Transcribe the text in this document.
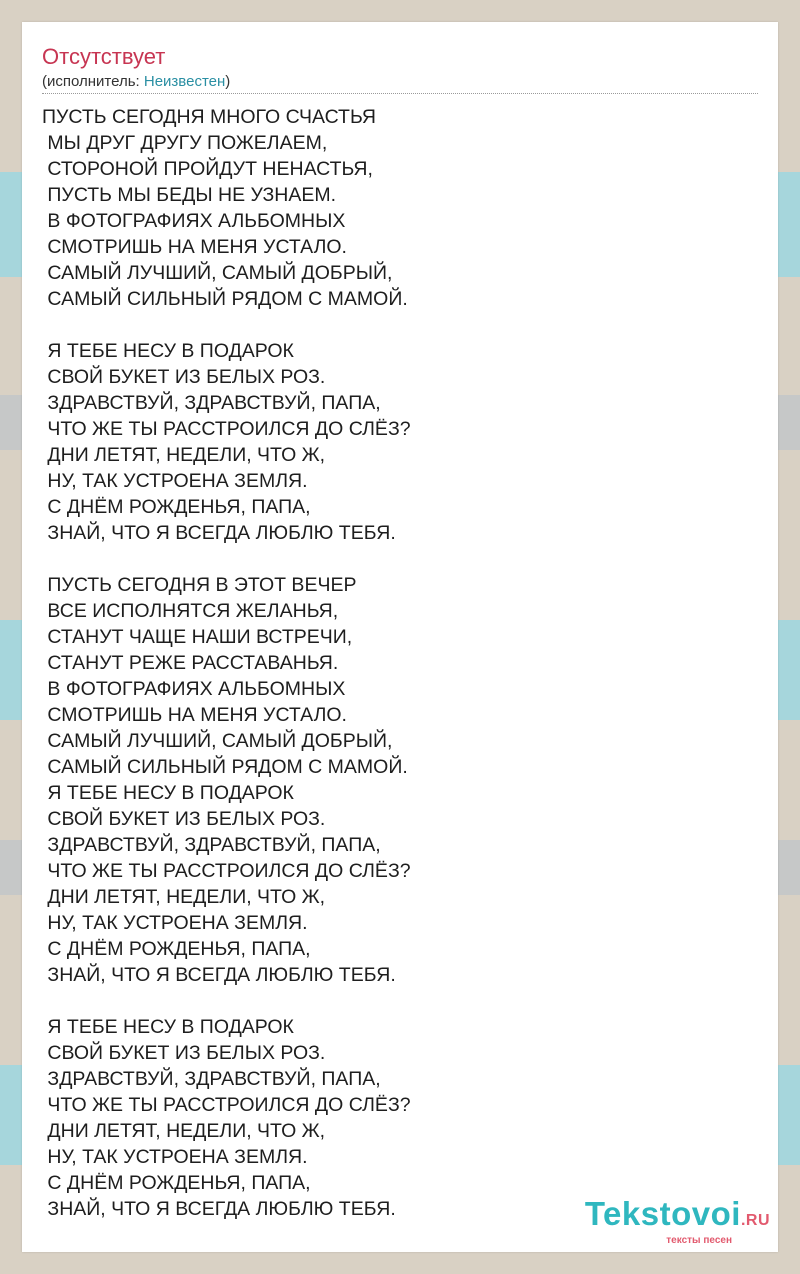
Отсутствует
(исполнитель: Неизвестен)
ПУСТЬ СЕГОДНЯ МНОГО СЧАСТЬЯ
МЫ ДРУГ ДРУГУ ПОЖЕЛАЕМ,
СТОРОНОЙ ПРОЙДУТ НЕНАСТЬЯ,
ПУСТЬ МЫ БЕДЫ НЕ УЗНАЕМ.
В ФОТОГРАФИЯХ АЛЬБОМНЫХ
СМОТРИШЬ НА МЕНЯ УСТАЛО.
САМЫЙ ЛУЧШИЙ, САМЫЙ ДОБРЫЙ,
САМЫЙ СИЛЬНЫЙ РЯДОМ С МАМОЙ.
Я ТЕБЕ НЕСУ В ПОДАРОК
СВОЙ БУКЕТ ИЗ БЕЛЫХ РОЗ.
ЗДРАВСТВУЙ, ЗДРАВСТВУЙ, ПАПА,
ЧТО ЖЕ ТЫ РАССТРОИЛСЯ ДО СЛЁЗ?
ДНИ ЛЕТЯТ, НЕДЕЛИ, ЧТО Ж,
НУ, ТАК УСТРОЕНА ЗЕМЛЯ.
С ДНЁМ РОЖДЕНЬЯ, ПАПА,
ЗНАЙ, ЧТО Я ВСЕГДА ЛЮБЛЮ ТЕБЯ.
ПУСТЬ СЕГОДНЯ В ЭТОТ ВЕЧЕР
ВСЕ ИСПОЛНЯТСЯ ЖЕЛАНЬЯ,
СТАНУТ ЧАЩЕ НАШИ ВСТРЕЧИ,
СТАНУТ РЕЖЕ РАССТАВАНЬЯ.
В ФОТОГРАФИЯХ АЛЬБОМНЫХ
СМОТРИШЬ НА МЕНЯ УСТАЛО.
САМЫЙ ЛУЧШИЙ, САМЫЙ ДОБРЫЙ,
САМЫЙ СИЛЬНЫЙ РЯДОМ С МАМОЙ.
Я ТЕБЕ НЕСУ В ПОДАРОК
СВОЙ БУКЕТ ИЗ БЕЛЫХ РОЗ.
ЗДРАВСТВУЙ, ЗДРАВСТВУЙ, ПАПА,
ЧТО ЖЕ ТЫ РАССТРОИЛСЯ ДО СЛЁЗ?
ДНИ ЛЕТЯТ, НЕДЕЛИ, ЧТО Ж,
НУ, ТАК УСТРОЕНА ЗЕМЛЯ.
С ДНЁМ РОЖДЕНЬЯ, ПАПА,
ЗНАЙ, ЧТО Я ВСЕГДА ЛЮБЛЮ ТЕБЯ.
Я ТЕБЕ НЕСУ В ПОДАРОК
СВОЙ БУКЕТ ИЗ БЕЛЫХ РОЗ.
ЗДРАВСТВУЙ, ЗДРАВСТВУЙ, ПАПА,
ЧТО ЖЕ ТЫ РАССТРОИЛСЯ ДО СЛЁЗ?
ДНИ ЛЕТЯТ, НЕДЕЛИ, ЧТО Ж,
НУ, ТАК УСТРОЕНА ЗЕМЛЯ.
С ДНЁМ РОЖДЕНЬЯ, ПАПА,
ЗНАЙ, ЧТО Я ВСЕГДА ЛЮБЛЮ ТЕБЯ.	Tekstovoi.RU
тексты песен
